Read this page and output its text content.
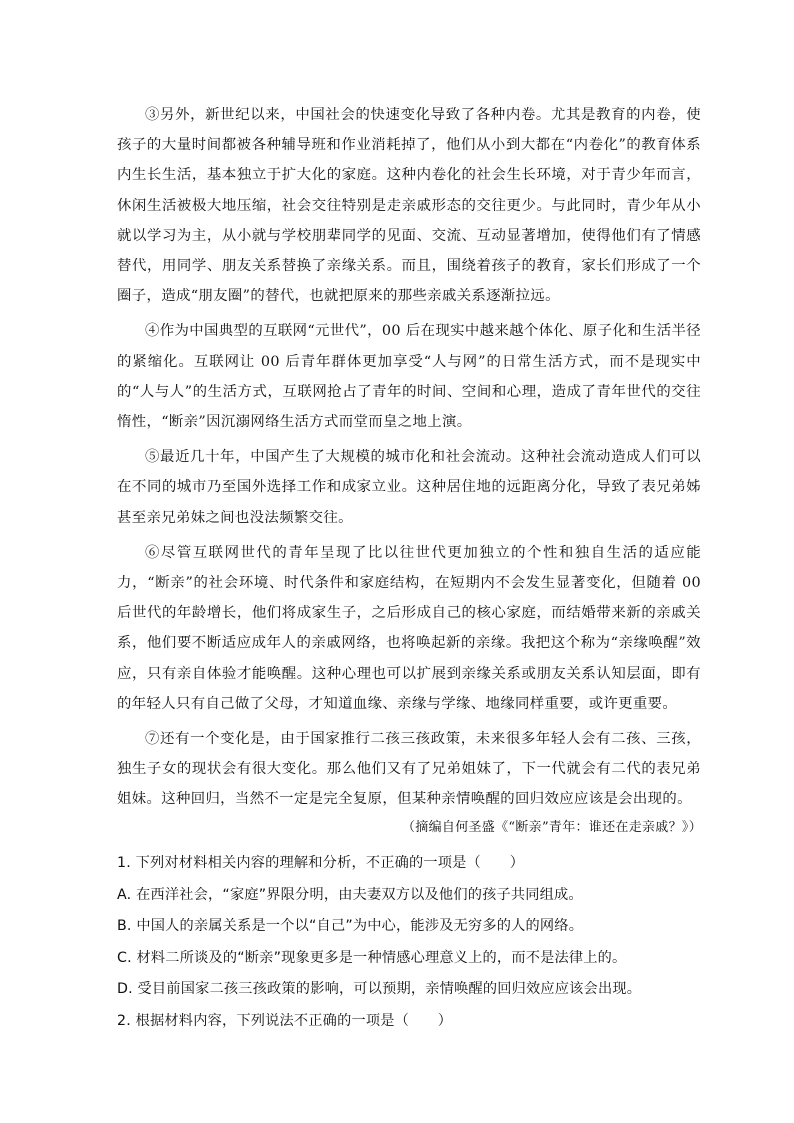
③另外，新世纪以来，中国社会的快速变化导致了各种内卷。尤其是教育的内卷，使孩子的大量时间都被各种辅导班和作业消耗掉了，他们从小到大都在“内卷化”的教育体系内生长生活，基本独立于扩大化的家庭。这种内卷化的社会生长环境，对于青少年而言，休闲生活被极大地压缩，社会交往特别是走亲戚形态的交往更少。与此同时，青少年从小就以学习为主，从小就与学校朋辈同学的见面、交流、互动显著增加，使得他们有了情感替代，用同学、朋友关系替换了亲缘关系。而且，围绕着孩子的教育，家长们形成了一个圈子，造成“朋友圈”的替代，也就把原来的那些亲戚关系逐渐拉远。

④作为中国典型的互联网“元世代”，00 后在现实中越来越个体化、原子化和生活半径的紧缩化。互联网让 00 后青年群体更加享受“人与网”的日常生活方式，而不是现实中的“人与人”的生活方式，互联网抢占了青年的时间、空间和心理，造成了青年世代的交往惰性，“断亲”因沉溺网络生活方式而堂而皇之地上演。

⑤最近几十年，中国产生了大规模的城市化和社会流动。这种社会流动造成人们可以在不同的城市乃至国外选择工作和成家立业。这种居住地的远距离分化，导致了表兄弟姊甚至亲兄弟妹之间也没法频繁交往。

⑥尽管互联网世代的青年呈现了比以往世代更加独立的个性和独自生活的适应能力，“断亲”的社会环境、时代条件和家庭结构，在短期内不会发生显著变化，但随着 00 后世代的年龄增长，他们将成家生子，之后形成自己的核心家庭，而结婚带来新的亲戚关系，他们要不断适应成年人的亲戚网络，也将唤起新的亲缘。我把这个称为“亲缘唤醒”效应，只有亲自体验才能唤醒。这种心理也可以扩展到亲缘关系或朋友关系认知层面，即有的年轻人只有自己做了父母，才知道血缘、亲缘与学缘、地缘同样重要，或许更重要。

⑦还有一个变化是，由于国家推行二孩三孩政策，未来很多年轻人会有二孩、三孩，独生子女的现状会有很大变化。那么他们又有了兄弟姐妹了，下一代就会有二代的表兄弟姐妹。这种回归，当然不一定是完全复原，但某种亲情唤醒的回归效应应该是会出现的。

（摘编自何圣盛《“断亲”青年：谁还在走亲戚？》）
1. 下列对材料相关内容的理解和分析，不正确的一项是（　　）
A. 在西洋社会，“家庭”界限分明，由夫妻双方以及他们的孩子共同组成。
B. 中国人的亲属关系是一个以“自己”为中心，能涉及无穷多的人的网络。
C. 材料二所谈及的“断亲”现象更多是一种情感心理意义上的，而不是法律上的。
D. 受目前国家二孩三孩政策的影响，可以预期，亲情唤醒的回归效应应该会出现。
2. 根据材料内容，下列说法不正确的一项是（　　）
